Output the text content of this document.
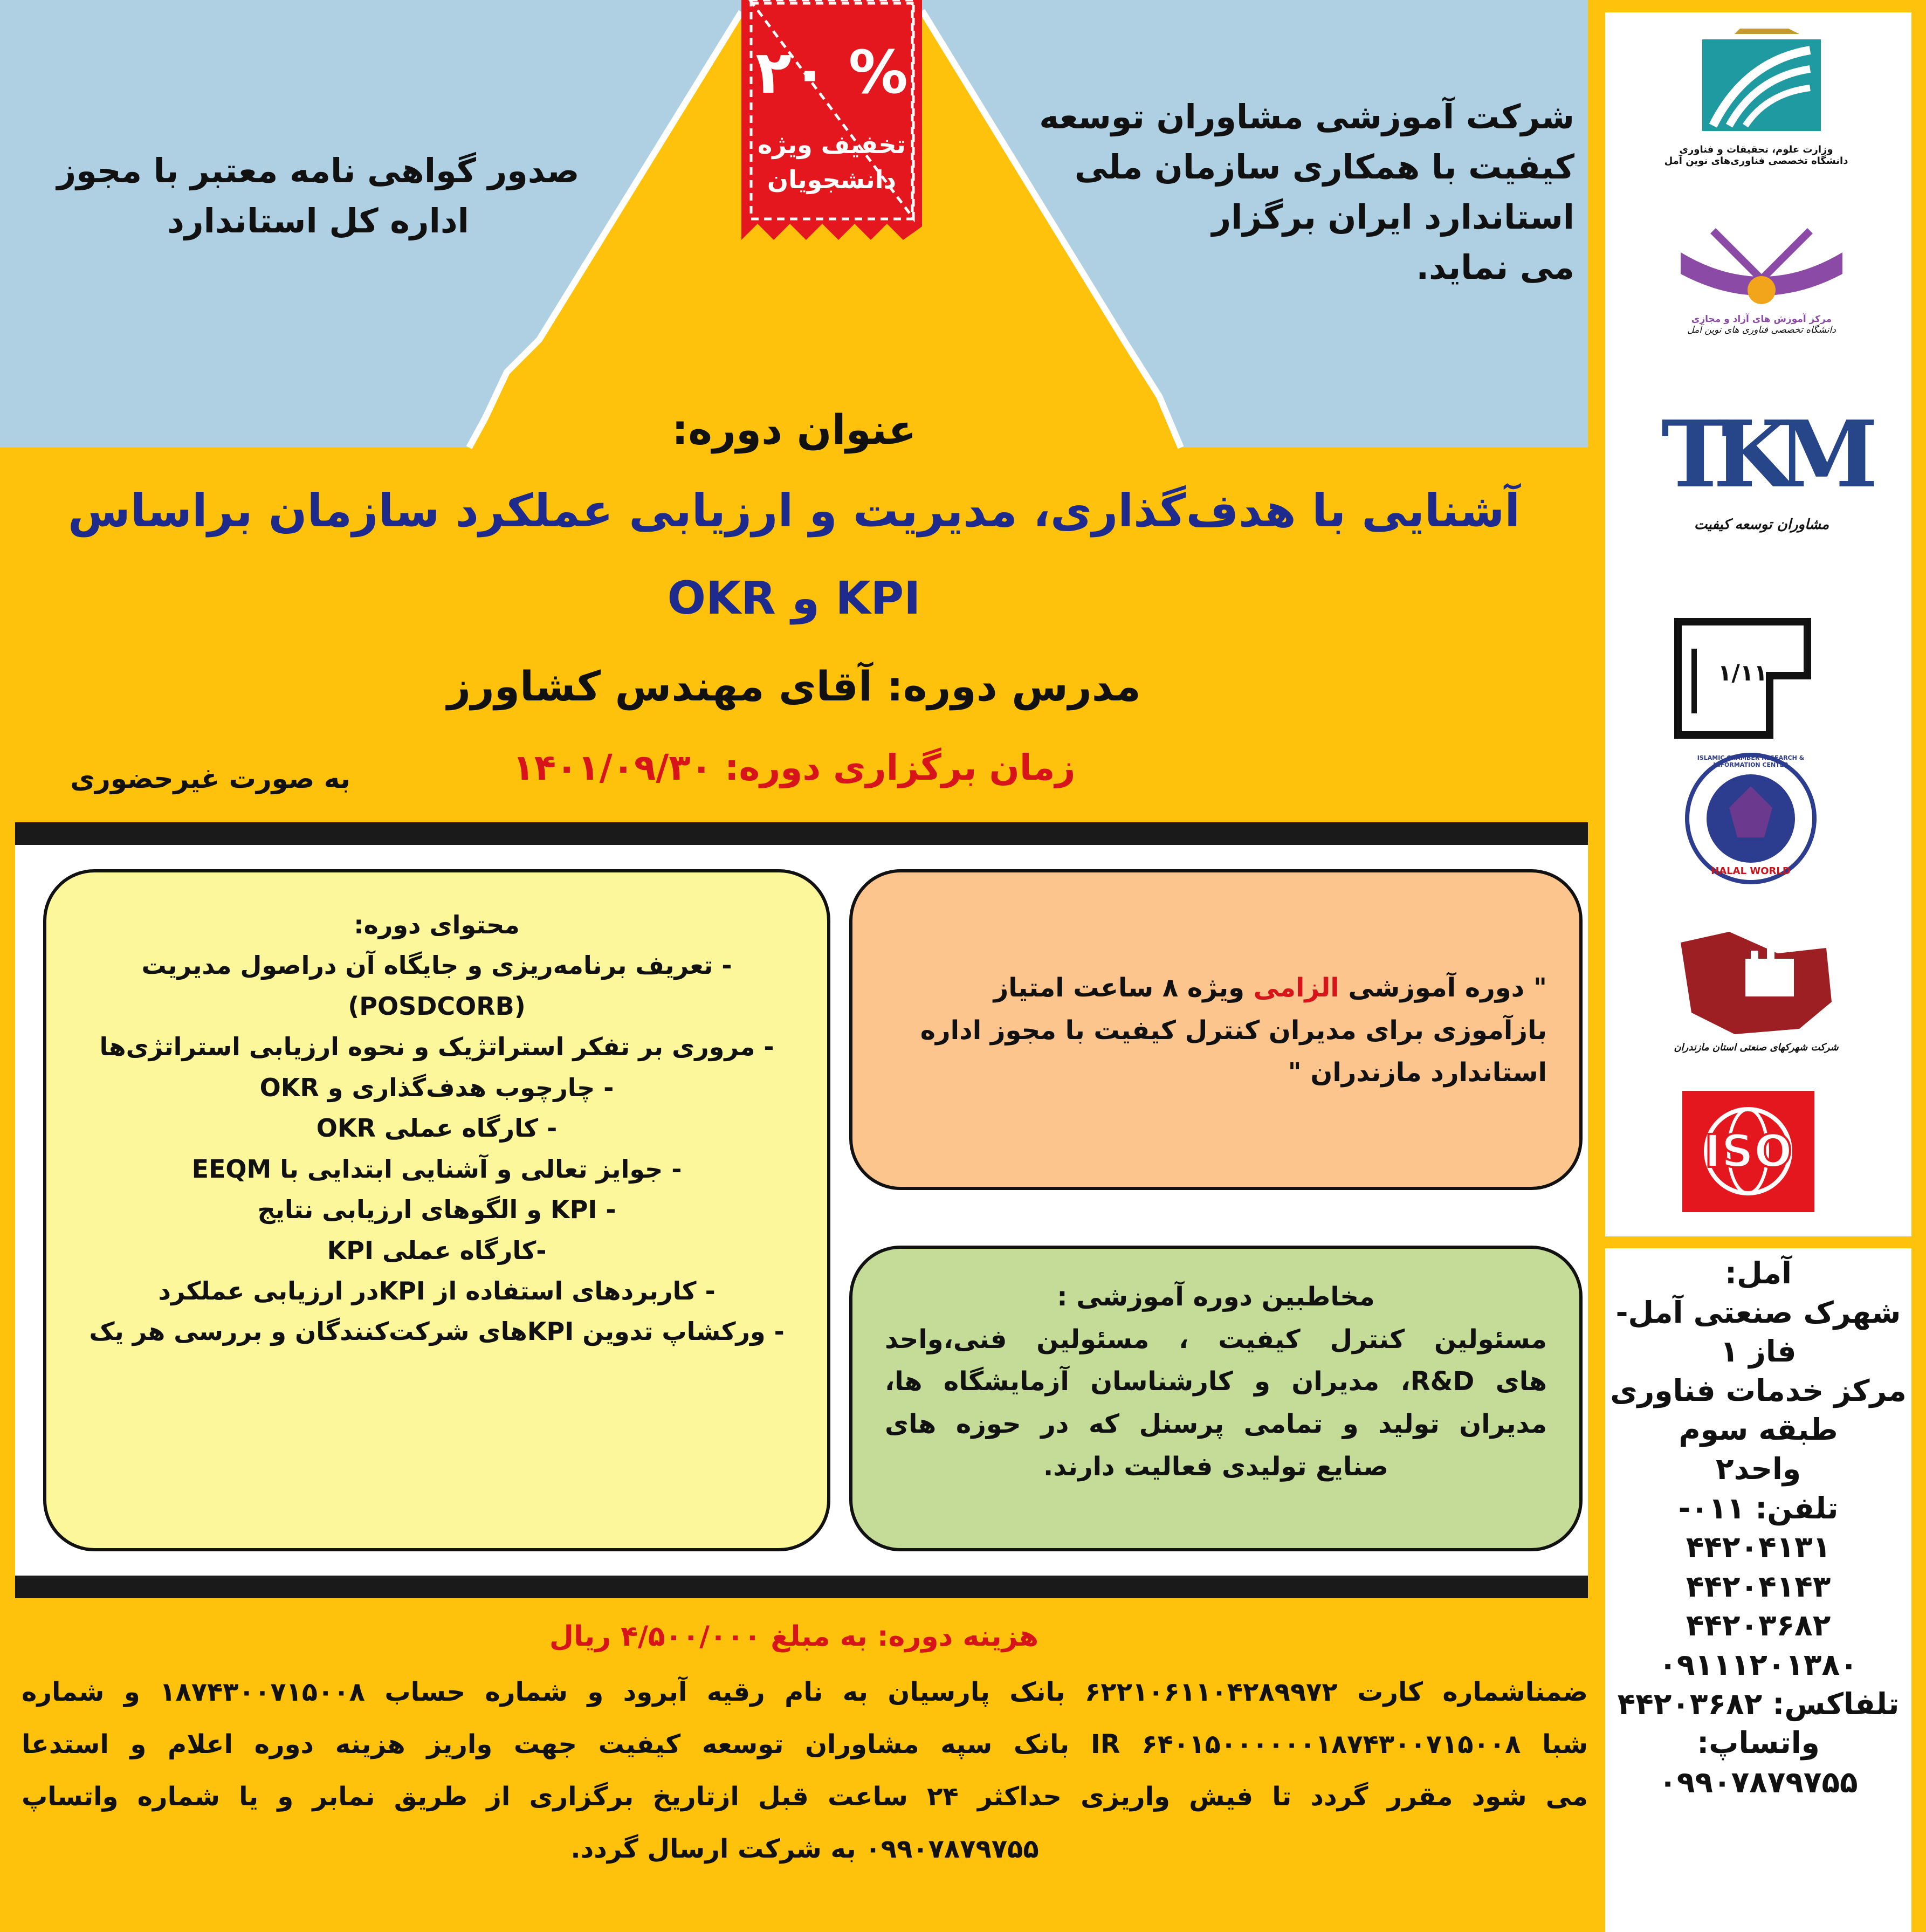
شرکت آموزشی مشاوران توسعه
کیفیت با همکاری سازمان ملی
استاندارد ایران برگزار
می نماید.
صدور گواهی نامه معتبر با مجوز
اداره کل استاندارد
۲۰ %
تخفیف ویژه
دانشجویان
عنوان دوره:
آشنایی با هدف‌گذاری، مدیریت و ارزیابی عملکرد سازمان براساس
OKR و KPI
مدرس دوره: آقای مهندس کشاورز
زمان برگزاری دوره: ۱۴۰۱/۰۹/۳۰
به صورت غیرحضوری
محتوای دوره:
- تعریف برنامه‌ریزی و جایگاه آن دراصول مدیریت
(POSDCORB)
- مروری بر تفکر استراتژیک و نحوه ارزیابی استراتژی‌ها
- چارچوب هدف‌گذاری و OKR
- کارگاه عملی OKR
- جوایز تعالی و آشنایی ابتدایی با EEQM
- KPI و الگوهای ارزیابی نتایج
-کارگاه عملی KPI
- کاربردهای استفاده از KPIدر ارزیابی عملکرد
- ورکشاپ تدوین KPIهای شرکت‌کنندگان و بررسی هر یک
" دوره آموزشی الزامی ویژه ۸ ساعت امتیاز
بازآموزی برای مدیران کنترل کیفیت با مجوز اداره
استاندارد مازندران "
مخاطبین دوره آموزشی :
مسئولین کنترل کیفیت ، مسئولین فنی،واحد
های R&D، مدیران و کارشناسان آزمایشگاه ها،
مدیران تولید و تمامی پرسنل که در حوزه های
صنایع تولیدی فعالیت دارند.
هزینه دوره: به مبلغ ۴/۵۰۰/۰۰۰ ریال
ضمناشماره کارت ۶۲۲۱۰۶۱۱۰۴۲۸۹۹۷۲ بانک پارسیان به نام رقیه آبرود و شماره حساب ۱۸۷۴۳۰۰۷۱۵۰۰۸ و شماره
شبا IR ۶۴۰۱۵۰۰۰۰۰۰۱۸۷۴۳۰۰۷۱۵۰۰۸ بانک سپه مشاوران توسعه کیفیت جهت واریز هزینه دوره اعلام و استدعا
می شود مقرر گردد تا فیش واریزی حداکثر ۲۴ ساعت قبل ازتاریخ برگزاری از طریق نمابر و یا شماره واتساپ
۰۹۹۰۷۸۷۹۷۵۵ به شرکت ارسال گردد.
وزارت علوم، تحقیقات و فناوری
دانشگاه تخصصی فناوری‌های نوین آمل
مرکز آموزش های آزاد و مجازی
دانشگاه تخصصی فناوری های نوین آمل
TKM
مشاوران توسعه کیفیت
۱/۱۱
ISLAMIC CHAMBER RESEARCH & INFORMATION CENTER
HALAL WORLD
شرکت شهرکهای صنعتی استان مازندران
ISO
آمل:
شهرک صنعتی آمل-
فاز ۱
مرکز خدمات فناوری
طبقه سوم
واحد۲
تلفن: ۰۱۱-
۴۴۲۰۴۱۳۱
۴۴۲۰۴۱۴۳
۴۴۲۰۳۶۸۲
۰۹۱۱۱۲۰۱۳۸۰
تلفاکس: ۴۴۲۰۳۶۸۲
واتساپ:
۰۹۹۰۷۸۷۹۷۵۵
